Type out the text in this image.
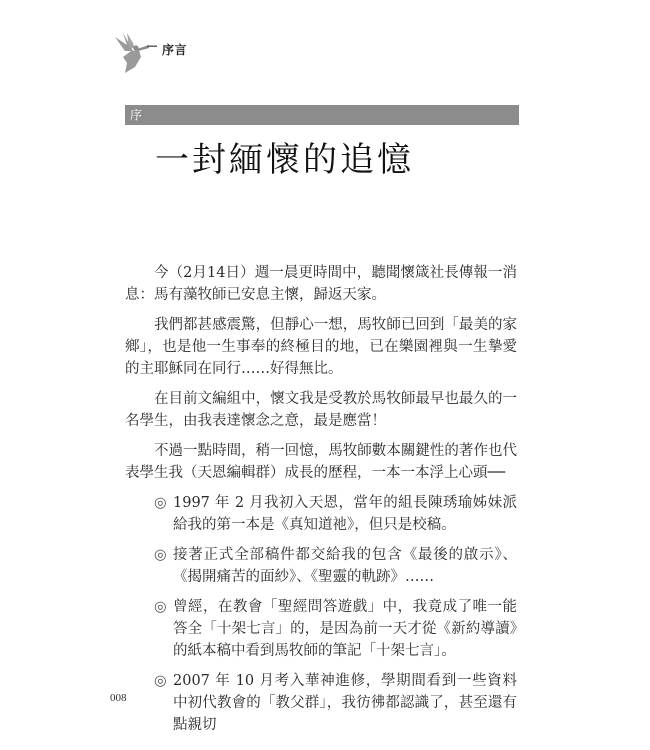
序言
序
一封緬懷的追憶

今（2月14日）週一晨更時間中，聽聞懷箴社長傳報一消息：馬有藻牧師已安息主懷，歸返天家。

我們都甚感震驚，但靜心一想，馬牧師已回到「最美的家鄉」，也是他一生事奉的終極目的地，已在樂園裡與一生摯愛的主耶穌同在同行……好得無比。

在目前文編組中，懷文我是受教於馬牧師最早也最久的一名學生，由我表達懷念之意，最是應當！

不過一點時間，稍一回憶，馬牧師數本關鍵性的著作也代表學生我（天恩編輯群）成長的歷程，一本一本浮上心頭──

◎ 1997 年 2 月我初入天恩，當年的組長陳琇瑜姊妹派給我的第一本是《真知道祂》，但只是校稿。
◎ 接著正式全部稿件都交給我的包含《最後的啟示》、《揭開痛苦的面紗》、《聖靈的軌跡》……
◎ 曾經，在教會「聖經問答遊戲」中，我竟成了唯一能答全「十架七言」的，是因為前一天才從《新約導讀》的紙本稿中看到馬牧師的筆記「十架七言」。
◎ 2007 年 10 月考入華神進修，學期間看到一些資料中初代教會的「教父群」，我彷彿都認識了，甚至還有點親切
008
